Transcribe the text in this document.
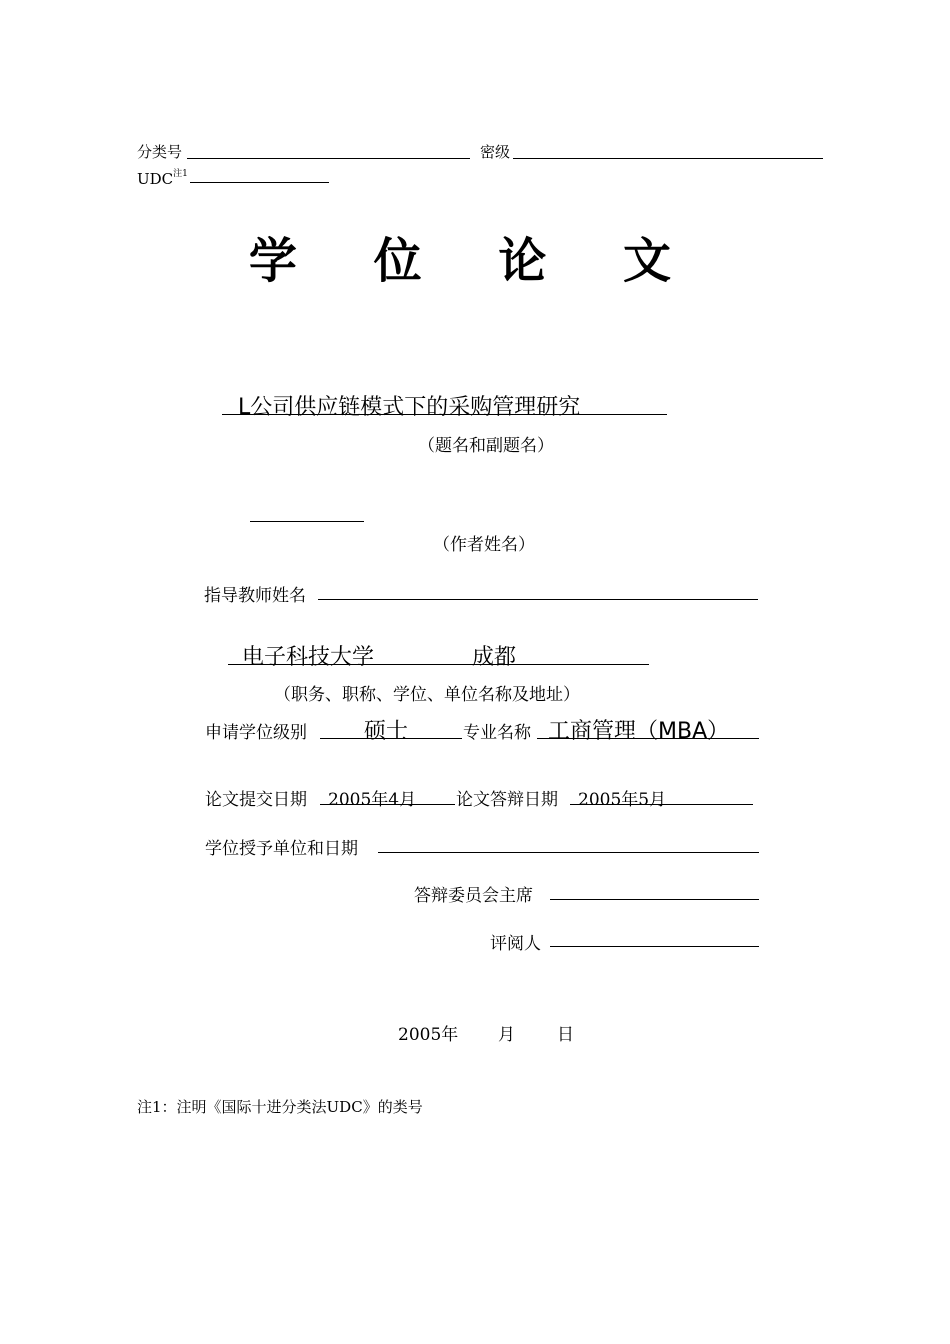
分类号	密级
UDC$^{注1}$
学 位 论 文
L公司供应链模式下的采购管理研究
（题名和副题名）
（作者姓名）
指导教师姓名
电子科技大学	成都
（职务、职称、学位、单位名称及地址）
申请学位级别	硕士	专业名称 工商管理（MBA）
论文提交日期 2005年4月 论文答辩日期 2005年5月
学位授予单位和日期
答辩委员会主席
评阅人
2005年 月 日
注1：注明《国际十进分类法UDC》的类号
